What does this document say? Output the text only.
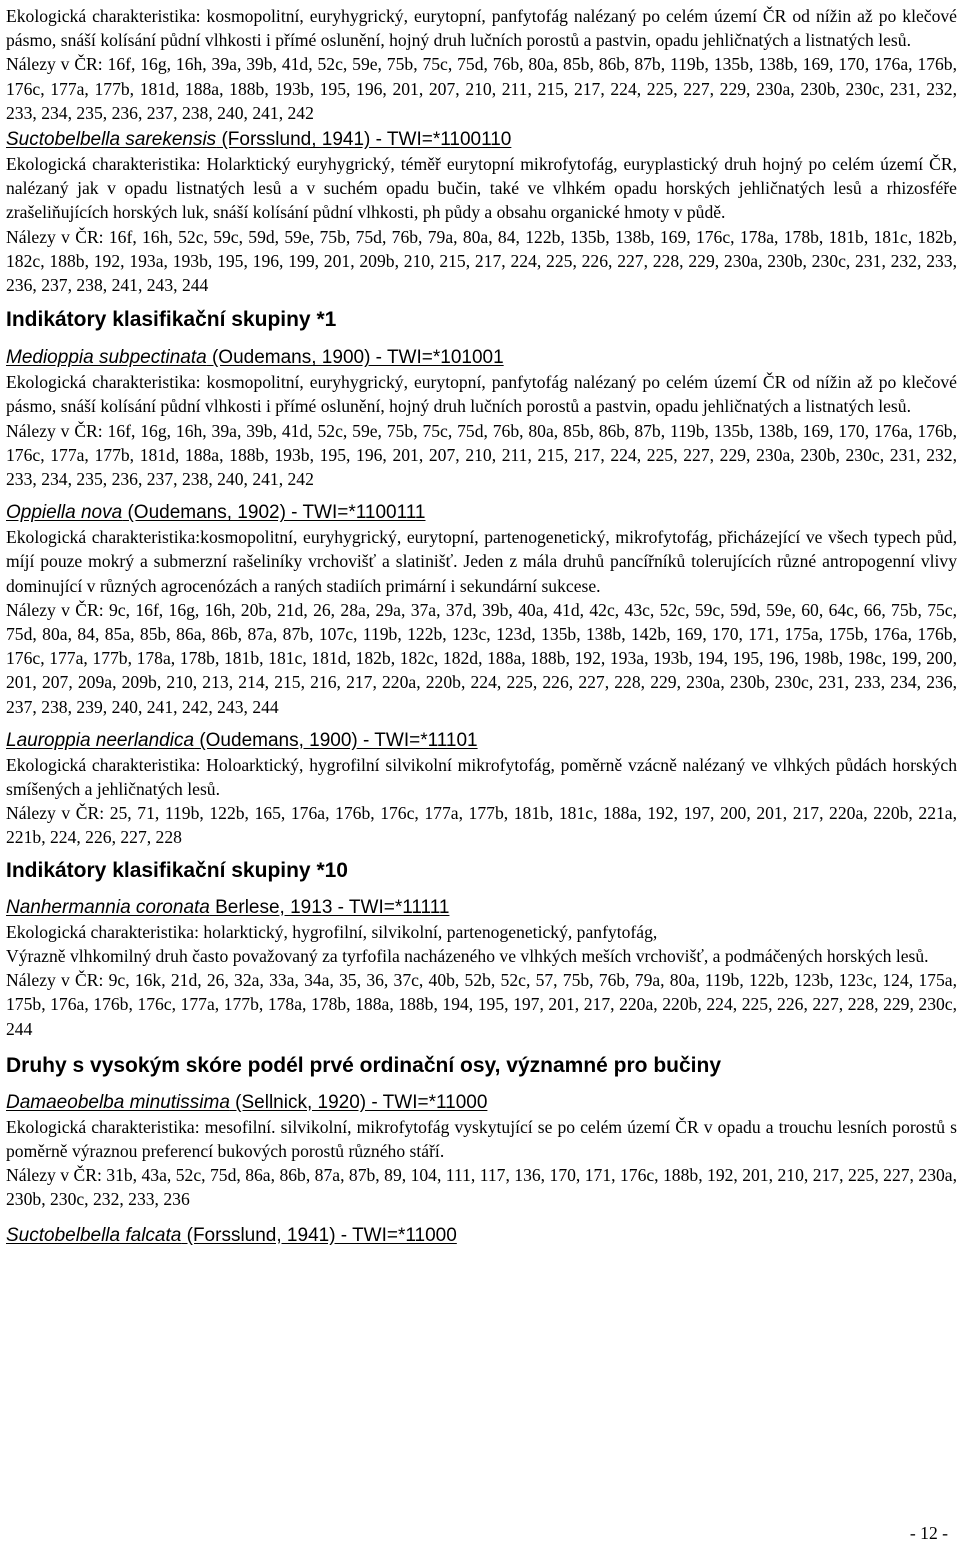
Ekologická charakteristika: kosmopolitní, euryhygrický, eurytopní, panfytofág nalézaný po celém území ČR od nížin až po klečové pásmo, snáší kolísání půdní vlhkosti i přímé oslunění, hojný druh lučních porostů a pastvin, opadu jehličnatých a listnatých lesů.

Nálezy v ČR: 16f, 16g, 16h, 39a, 39b, 41d, 52c, 59e, 75b, 75c, 75d, 76b, 80a, 85b, 86b, 87b, 119b, 135b, 138b, 169, 170, 176a, 176b, 176c, 177a, 177b, 181d, 188a, 188b, 193b, 195, 196, 201, 207, 210, 211, 215, 217, 224, 225, 227, 229, 230a, 230b, 230c, 231, 232, 233, 234, 235, 236, 237, 238, 240, 241, 242

Suctobelbella sarekensis (Forsslund, 1941) - TWI=*1100110

Ekologická charakteristika: Holarktický euryhygrický, téměř eurytopní mikrofytofág, euryplastický druh hojný po celém území ČR, nalézaný jak v opadu listnatých lesů a v suchém opadu bučin, také ve vlhkém opadu horských jehličnatých lesů a rhizosféře zrašeliňujících horských luk, snáší kolísání půdní vlhkosti, ph půdy a obsahu organické hmoty v půdě.

Nálezy v ČR: 16f, 16h, 52c, 59c, 59d, 59e, 75b, 75d, 76b, 79a, 80a, 84, 122b, 135b, 138b, 169, 176c, 178a, 178b, 181b, 181c, 182b, 182c, 188b, 192, 193a, 193b, 195, 196, 199, 201, 209b, 210, 215, 217, 224, 225, 226, 227, 228, 229, 230a, 230b, 230c, 231, 232, 233, 236, 237, 238, 241, 243, 244

Indikátory klasifikační skupiny *1

Medioppia subpectinata (Oudemans, 1900) - TWI=*101001

Ekologická charakteristika: kosmopolitní, euryhygrický, eurytopní, panfytofág nalézaný po celém území ČR od nížin až po klečové pásmo, snáší kolísání půdní vlhkosti i přímé oslunění, hojný druh lučních porostů a pastvin, opadu jehličnatých a listnatých lesů.

Nálezy v ČR: 16f, 16g, 16h, 39a, 39b, 41d, 52c, 59e, 75b, 75c, 75d, 76b, 80a, 85b, 86b, 87b, 119b, 135b, 138b, 169, 170, 176a, 176b, 176c, 177a, 177b, 181d, 188a, 188b, 193b, 195, 196, 201, 207, 210, 211, 215, 217, 224, 225, 227, 229, 230a, 230b, 230c, 231, 232, 233, 234, 235, 236, 237, 238, 240, 241, 242

Oppiella nova (Oudemans, 1902) - TWI=*1100111

Ekologická charakteristika:kosmopolitní, euryhygrický, eurytopní, partenogenetický, mikrofytofág, přicházející ve všech typech půd, míjí pouze mokrý a submerzní rašeliníky vrchovišť a slatinišť. Jeden z mála druhů pancířníků tolerujících různé antropogenní vlivy dominující v různých agrocenózách a raných stadiích primární i sekundární sukcese.

Nálezy v ČR: 9c, 16f, 16g, 16h, 20b, 21d, 26, 28a, 29a, 37a, 37d, 39b, 40a, 41d, 42c, 43c, 52c, 59c, 59d, 59e, 60, 64c, 66, 75b, 75c, 75d, 80a, 84, 85a, 85b, 86a, 86b, 87a, 87b, 107c, 119b, 122b, 123c, 123d, 135b, 138b, 142b, 169, 170, 171, 175a, 175b, 176a, 176b, 176c, 177a, 177b, 178a, 178b, 181b, 181c, 181d, 182b, 182c, 182d, 188a, 188b, 192, 193a, 193b, 194, 195, 196, 198b, 198c, 199, 200, 201, 207, 209a, 209b, 210, 213, 214, 215, 216, 217, 220a, 220b, 224, 225, 226, 227, 228, 229, 230a, 230b, 230c, 231, 233, 234, 236, 237, 238, 239, 240, 241, 242, 243, 244

Lauroppia neerlandica (Oudemans, 1900) - TWI=*11101

Ekologická charakteristika: Holoarktický, hygrofilní silvikolní mikrofytofág, poměrně vzácně nalézaný ve vlhkých půdách horských smíšených a jehličnatých lesů.

Nálezy v ČR: 25, 71, 119b, 122b, 165, 176a, 176b, 176c, 177a, 177b, 181b, 181c, 188a, 192, 197, 200, 201, 217, 220a, 220b, 221a, 221b, 224, 226, 227, 228

Indikátory klasifikační skupiny *10

Nanhermannia coronata Berlese, 1913 - TWI=*11111

Ekologická charakteristika: holarktický, hygrofilní, silvikolní, partenogenetický, panfytofág,

Výrazně vlhkomilný druh často považovaný za tyrfofila nacházeného ve vlhkých meších vrchovišť, a podmáčených horských lesů.

Nálezy v ČR: 9c, 16k, 21d, 26, 32a, 33a, 34a, 35, 36, 37c, 40b, 52b, 52c, 57, 75b, 76b, 79a, 80a, 119b, 122b, 123b, 123c, 124, 175a, 175b, 176a, 176b, 176c, 177a, 177b, 178a, 178b, 188a, 188b, 194, 195, 197, 201, 217, 220a, 220b, 224, 225, 226, 227, 228, 229, 230c, 244

Druhy s vysokým skóre podél prvé ordinační osy, významné pro bučiny

Damaeobelba minutissima (Sellnick, 1920) - TWI=*11000

Ekologická charakteristika: mesofilní. silvikolní, mikrofytofág vyskytující se po celém území ČR v opadu a trouchu lesních porostů s poměrně výraznou preferencí bukových porostů různého stáří.

Nálezy v ČR: 31b, 43a, 52c, 75d, 86a, 86b, 87a, 87b, 89, 104, 111, 117, 136, 170, 171, 176c, 188b, 192, 201, 210, 217, 225, 227, 230a, 230b, 230c, 232, 233, 236

Suctobelbella falcata (Forsslund, 1941) - TWI=*11000

- 12 -
